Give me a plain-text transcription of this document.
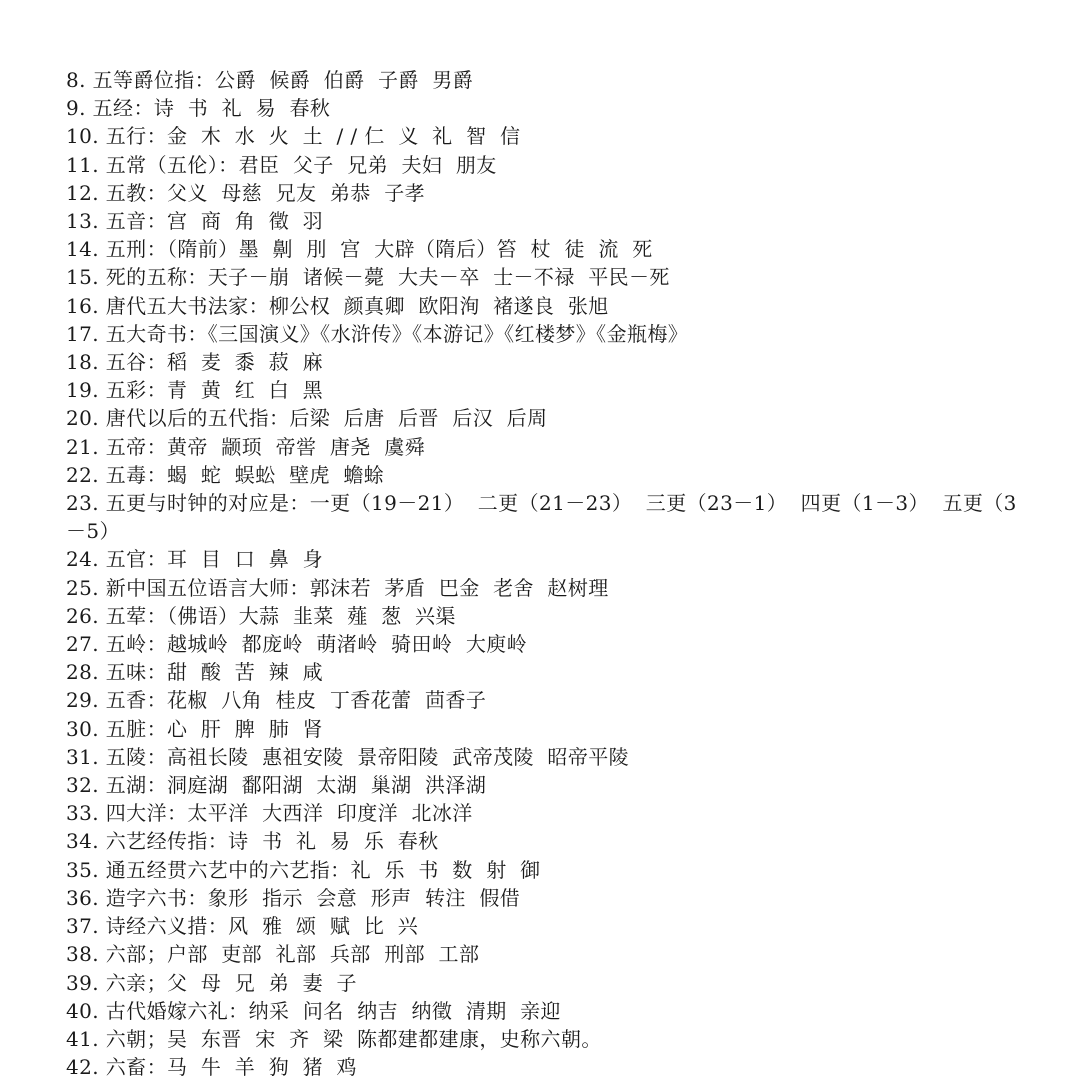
8. 五等爵位指：公爵  候爵  伯爵  子爵  男爵
9. 五经：诗  书  礼  易  春秋
10. 五行：金  木  水  火  土  / / 仁  义  礼  智  信
11. 五常（五伦）：君臣  父子  兄弟  夫妇  朋友
12. 五教：父义  母慈  兄友  弟恭  子孝
13. 五音：宫  商  角  徵  羽
14. 五刑：（隋前）墨  劓  刖  宫  大辟（隋后）笞  杖  徒  流  死
15. 死的五称：天子－崩  诸候－薨  大夫－卒  士－不禄  平民－死
16. 唐代五大书法家：柳公权  颜真卿  欧阳洵  褚遂良  张旭
17. 五大奇书：《三国演义》《水浒传》《本游记》《红楼梦》《金瓶梅》
18. 五谷：稻  麦  黍  菽  麻
19. 五彩：青  黄  红  白  黑
20. 唐代以后的五代指：后梁  后唐  后晋  后汉  后周
21. 五帝：黄帝  颛顼  帝喾  唐尧  虞舜
22. 五毒：蝎  蛇  蜈蚣  壁虎  蟾蜍
23. 五更与时钟的对应是：一更（19－21）  二更（21－23）  三更（23－1）  四更（1－3）  五更（3－5）
24. 五官：耳  目  口  鼻  身
25. 新中国五位语言大师：郭沫若  茅盾  巴金  老舍  赵树理
26. 五荤：（佛语）大蒜  韭菜  薤  葱  兴渠
27. 五岭：越城岭  都庞岭  萌渚岭  骑田岭  大庾岭
28. 五味：甜  酸  苦  辣  咸
29. 五香：花椒  八角  桂皮  丁香花蕾  茴香子
30. 五脏：心  肝  脾  肺  肾
31. 五陵：高祖长陵  惠祖安陵  景帝阳陵  武帝茂陵  昭帝平陵
32. 五湖：洞庭湖  鄱阳湖  太湖  巢湖  洪泽湖
33. 四大洋：太平洋  大西洋  印度洋  北冰洋
34. 六艺经传指：诗  书  礼  易  乐  春秋
35. 通五经贯六艺中的六艺指：礼  乐  书  数  射  御
36. 造字六书：象形  指示  会意  形声  转注  假借
37. 诗经六义措：风  雅  颂  赋  比  兴
38. 六部；户部  吏部  礼部  兵部  刑部  工部
39. 六亲；父  母  兄  弟  妻  子
40. 古代婚嫁六礼：纳采  问名  纳吉  纳徵  清期  亲迎
41. 六朝；吴  东晋  宋  齐  梁  陈都建都建康，史称六朝。
42. 六畜：马  牛  羊  狗  猪  鸡
